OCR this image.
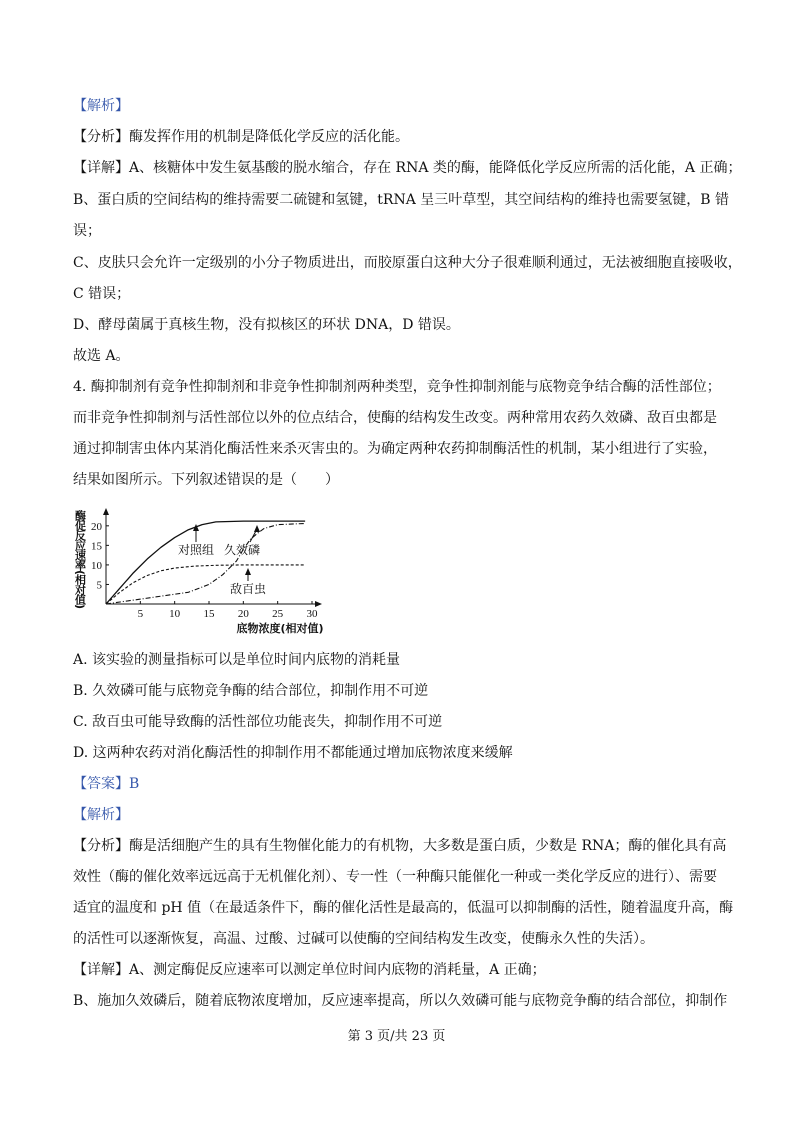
【解析】
【分析】酶发挥作用的机制是降低化学反应的活化能。
【详解】A、核糖体中发生氨基酸的脱水缩合，存在 RNA 类的酶，能降低化学反应所需的活化能，A 正确；
B、蛋白质的空间结构的维持需要二硫键和氢键，tRNA 呈三叶草型，其空间结构的维持也需要氢键，B 错
误；
C、皮肤只会允许一定级别的小分子物质进出，而胶原蛋白这种大分子很难顺利通过，无法被细胞直接吸收，
C 错误；
D、酵母菌属于真核生物，没有拟核区的环状 DNA，D 错误。
故选 A。
4. 酶抑制剂有竞争性抑制剂和非竞争性抑制剂两种类型，竞争性抑制剂能与底物竞争结合酶的活性部位；
而非竞争性抑制剂与活性部位以外的位点结合，使酶的结构发生改变。两种常用农药久效磷、敌百虫都是
通过抑制害虫体内某消化酶活性来杀灭害虫的。为确定两种农药抑制酶活性的机制，某小组进行了实验，
结果如图所示。下列叙述错误的是（　　）
A. 该实验的测量指标可以是单位时间内底物的消耗量
B. 久效磷可能与底物竞争酶的结合部位，抑制作用不可逆
C. 敌百虫可能导致酶的活性部位功能丧失，抑制作用不可逆
D. 这两种农药对消化酶活性的抑制作用不都能通过增加底物浓度来缓解
【答案】B
【解析】
【分析】酶是活细胞产生的具有生物催化能力的有机物，大多数是蛋白质，少数是 RNA；酶的催化具有高
效性（酶的催化效率远远高于无机催化剂）、专一性（一种酶只能催化一种或一类化学反应的进行）、需要
适宜的温度和 pH 值（在最适条件下，酶的催化活性是最高的，低温可以抑制酶的活性，随着温度升高，酶
的活性可以逐渐恢复，高温、过酸、过碱可以使酶的空间结构发生改变，使酶永久性的失活）。
【详解】A、测定酶促反应速率可以测定单位时间内底物的消耗量，A 正确；
B、施加久效磷后，随着底物浓度增加，反应速率提高，所以久效磷可能与底物竞争酶的结合部位，抑制作
5 10 15 20 25 30
5
10
15
20
酶促反应速率(相对值)
底物浓度(相对值)
对照组 久效磷
敌百虫
第 3 页/共 23 页
